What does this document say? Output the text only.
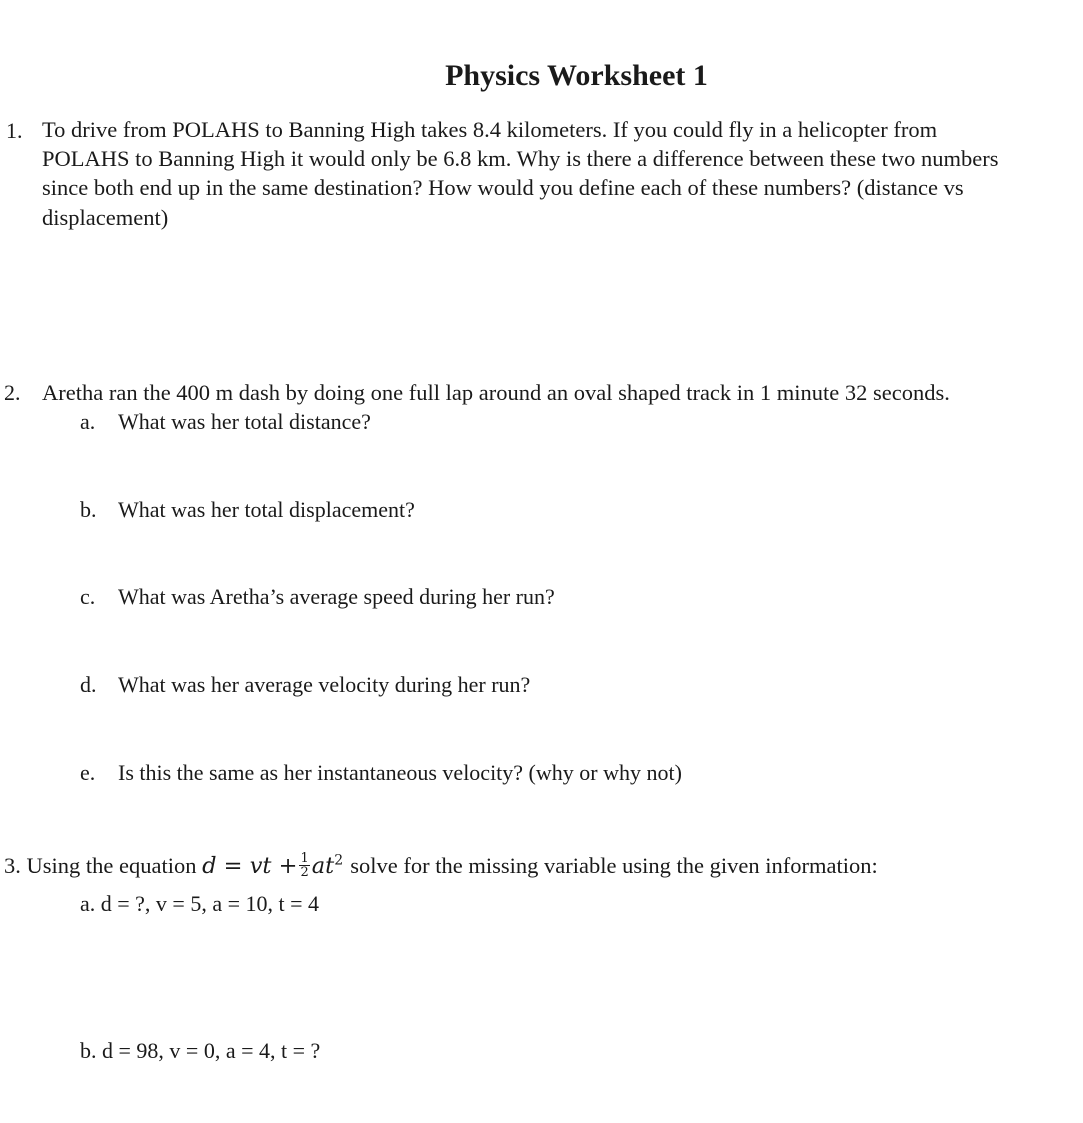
Physics Worksheet 1
1. To drive from POLAHS to Banning High takes 8.4 kilometers. If you could fly in a helicopter from
POLAHS to Banning High it would only be 6.8 km. Why is there a difference between these two numbers
since both end up in the same destination? How would you define each of these numbers? (distance vs
displacement)
2. Aretha ran the 400 m dash by doing one full lap around an oval shaped track in 1 minute 32 seconds.
a. What was her total distance?
b. What was her total displacement?
c. What was Aretha’s average speed during her run?
d. What was her average velocity during her run?
e. Is this the same as her instantaneous velocity? (why or why not)
3. Using the equation d = vt + $\frac{1}{2} at^2$ solve for the missing variable using the given information:
a. d = ?, v = 5, a = 10, t = 4
b. d = 98, v = 0, a = 4, t = ?
